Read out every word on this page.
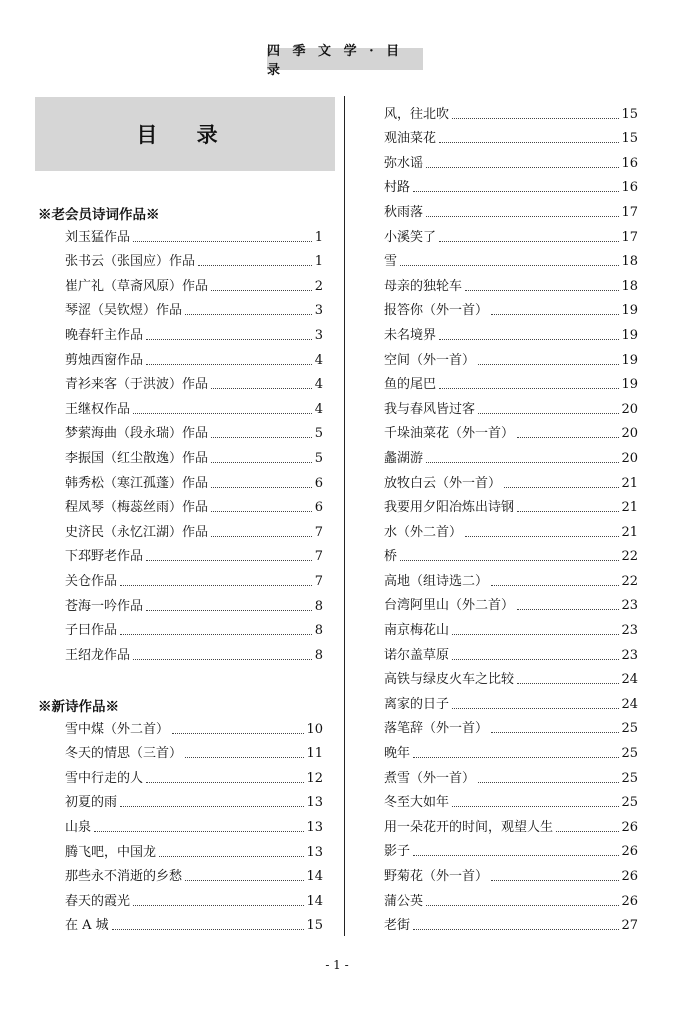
四 季 文 学 · 目 录
目 录
※老会员诗词作品※
刘玉猛作品	1
张书云（张国应）作品	1
崔广礼（草斋风原）作品	2
琴涩（吴钦煜）作品	3
晚春轩主作品	3
剪烛西窗作品	4
青衫来客（于洪波）作品	4
王继权作品	4
梦萦海曲（段永瑞）作品	5
李振国（红尘散逸）作品	5
韩秀松（寒江孤蓬）作品	6
程凤琴（梅蕊丝雨）作品	6
史济民（永忆江湖）作品	7
下邳野老作品	7
关仓作品	7
苍海一吟作品	8
子曰作品	8
王绍龙作品	8
※新诗作品※
雪中煤（外二首）	10
冬天的情思（三首）	11
雪中行走的人	12
初夏的雨	13
山泉	13
腾飞吧，中国龙	13
那些永不消逝的乡愁	14
春天的霞光	14
在 A 城	15
风，往北吹	15
观油菜花	15
弥水谣	16
村路	16
秋雨落	17
小溪笑了	17
雪	18
母亲的独轮车	18
报答你（外一首）	19
未名境界	19
空间（外一首）	19
鱼的尾巴	19
我与春风皆过客	20
千垛油菜花（外一首）	20
蠡湖游	20
放牧白云（外一首）	21
我要用夕阳冶炼出诗钢	21
水（外二首）	21
桥	22
高地（组诗选二）	22
台湾阿里山（外二首）	23
南京梅花山	23
诺尔盖草原	23
高铁与绿皮火车之比较	24
离家的日子	24
落笔辞（外一首）	25
晚年	25
煮雪（外一首）	25
冬至大如年	25
用一朵花开的时间，观望人生	26
影子	26
野菊花（外一首）	26
蒲公英	26
老街	27
- 1 -
